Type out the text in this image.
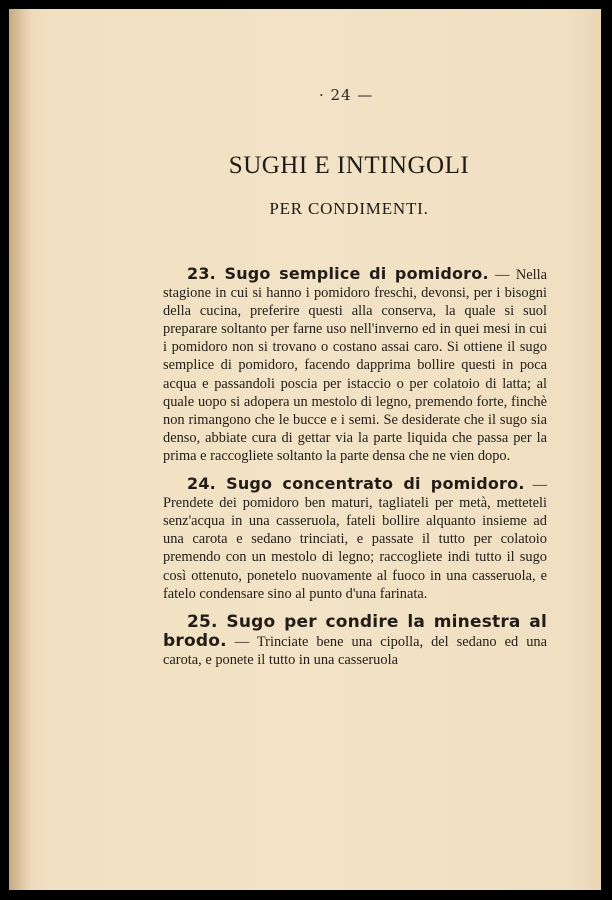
· 24 —
SUGHI E INTINGOLI
PER CONDIMENTI.

23. Sugo semplice di pomidoro. — Nella stagione in cui si hanno i pomidoro freschi, devonsi, per i bisogni della cucina, preferire questi alla conserva, la quale si suol preparare soltanto per farne uso nell'inverno ed in quei mesi in cui i pomidoro non si trovano o costano assai caro. Si ottiene il sugo semplice di pomidoro, facendo dapprima bollire questi in poca acqua e passandoli poscia per istaccio o per colatoio di latta; al quale uopo si adopera un mestolo di legno, premendo forte, finchè non rimangono che le bucce e i semi. Se desiderate che il sugo sia denso, abbiate cura di gettar via la parte liquida che passa per la prima e raccogliete soltanto la parte densa che ne vien dopo.

24. Sugo concentrato di pomidoro. — Prendete dei pomidoro ben maturi, tagliateli per metà, metteteli senz'acqua in una casseruola, fateli bollire alquanto insieme ad una carota e sedano trinciati, e passate il tutto per colatoio premendo con un mestolo di legno; raccogliete indi tutto il sugo così ottenuto, ponetelo nuovamente al fuoco in una casseruola, e fatelo condensare sino al punto d'una farinata.

25. Sugo per condire la minestra al brodo. — Trinciate bene una cipolla, del sedano ed una carota, e ponete il tutto in una casseruola
